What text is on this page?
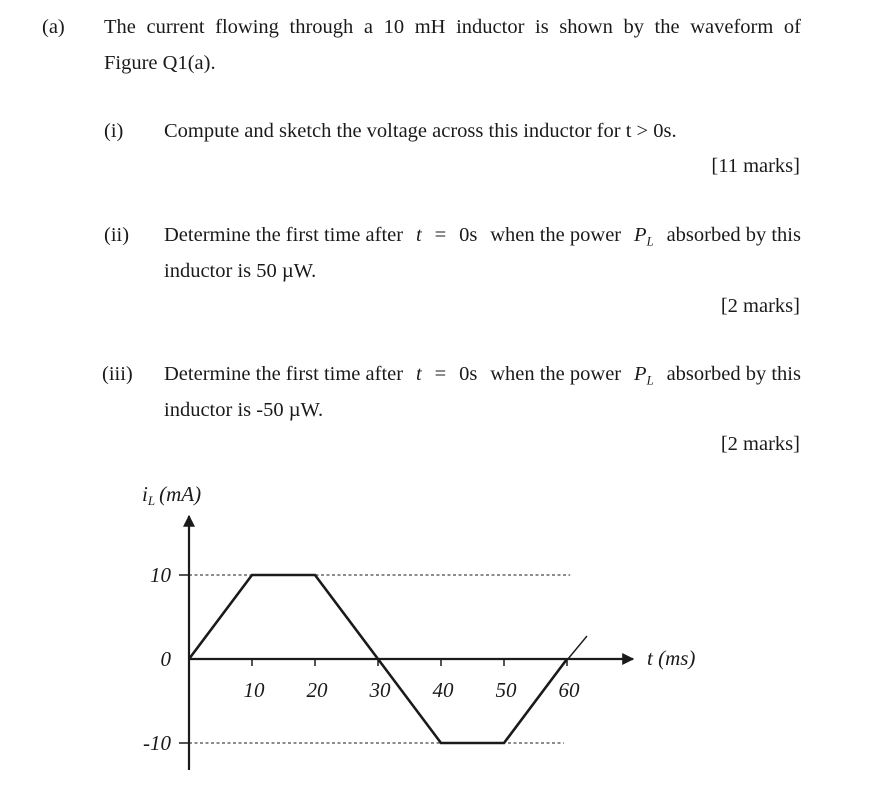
(a) The current flowing through a 10 mH inductor is shown by the waveform of
Figure Q1(a).
(i) Compute and sketch the voltage across this inductor for t > 0s.
[11 marks]
(ii) Determine the first time after t = 0s when the power $P_L$ absorbed by this
inductor is 50 µW.
[2 marks]
(iii) Determine the first time after t = 0s when the power $P_L$ absorbed by this
inductor is -50 µW.
[2 marks]
iL (mA)
t (ms)
10 20 30 40 50 60
10
0
-10
